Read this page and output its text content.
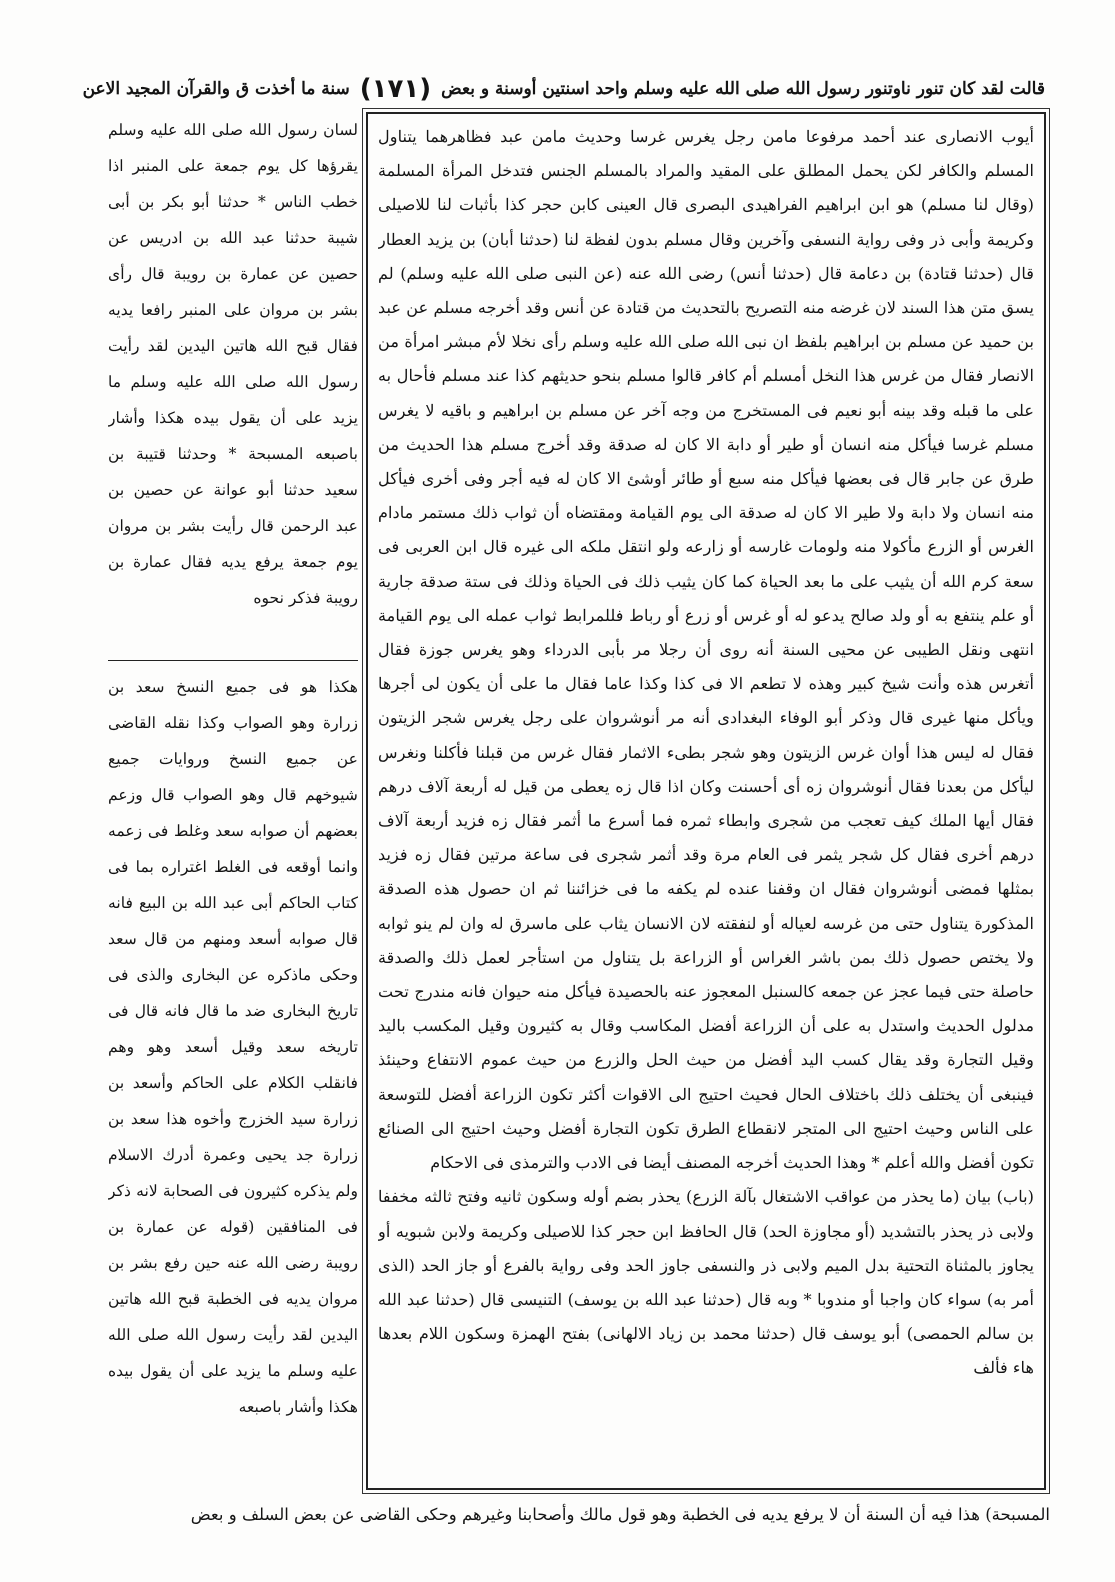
قالت لقد كان تنور ناوتنور رسول الله صلى الله عليه وسلم واحد اسنتين أوسنة و بعض
(١٧١)
سنة ما أخذت ق والقرآن المجيد الاعن

أيوب الانصارى عند أحمد مرفوعا مامن رجل يغرس غرسا وحديث مامن عبد فظاهرهما يتناول المسلم والكافر لكن يحمل المطلق على المقيد والمراد بالمسلم الجنس فتدخل المرأة المسلمة (وقال لنا مسلم) هو ابن ابراهيم الفراهيدى البصرى قال العينى كابن حجر كذا بأثبات لنا للاصيلى وكريمة وأبى ذر وفى رواية النسفى وآخرين وقال مسلم بدون لفظة لنا (حدثنا أبان) بن يزيد العطار قال (حدثنا قتادة) بن دعامة قال (حدثنا أنس) رضى الله عنه (عن النبى صلى الله عليه وسلم) لم يسق متن هذا السند لان غرضه منه التصريح بالتحديث من قتادة عن أنس وقد أخرجه مسلم عن عبد بن حميد عن مسلم بن ابراهيم بلفظ ان نبى الله صلى الله عليه وسلم رأى نخلا لأم مبشر امرأة من الانصار فقال من غرس هذا النخل أمسلم أم كافر قالوا مسلم بنحو حديثهم كذا عند مسلم فأحال به على ما قبله وقد بينه أبو نعيم فى المستخرج من وجه آخر عن مسلم بن ابراهيم و باقيه لا يغرس مسلم غرسا فيأكل منه انسان أو طير أو دابة الا كان له صدقة وقد أخرج مسلم هذا الحديث من طرق عن جابر قال فى بعضها فيأكل منه سبع أو طائر أوشئ الا كان له فيه أجر وفى أخرى فيأكل منه انسان ولا دابة ولا طير الا كان له صدقة الى يوم القيامة ومقتضاه أن ثواب ذلك مستمر مادام الغرس أو الزرع مأكولا منه ولومات غارسه أو زارعه ولو انتقل ملكه الى غيره قال ابن العربى فى سعة كرم الله أن يثيب على ما بعد الحياة كما كان يثيب ذلك فى الحياة وذلك فى ستة صدقة جارية أو علم ينتفع به أو ولد صالح يدعو له أو غرس أو زرع أو رباط فللمرابط ثواب عمله الى يوم القيامة انتهى ونقل الطيبى عن محيى السنة أنه روى أن رجلا مر بأبى الدرداء وهو يغرس جوزة فقال أتغرس هذه وأنت شيخ كبير وهذه لا تطعم الا فى كذا وكذا عاما فقال ما على أن يكون لى أجرها ويأكل منها غيرى قال وذكر أبو الوفاء البغدادى أنه مر أنوشروان على رجل يغرس شجر الزيتون فقال له ليس هذا أوان غرس الزيتون وهو شجر بطىء الاثمار فقال غرس من قبلنا فأكلنا ونغرس ليأكل من بعدنا فقال أنوشروان زه أى أحسنت وكان اذا قال زه يعطى من قيل له أربعة آلاف درهم فقال أيها الملك كيف تعجب من شجرى وابطاء ثمره فما أسرع ما أثمر فقال زه فزيد أربعة آلاف درهم أخرى فقال كل شجر يثمر فى العام مرة وقد أثمر شجرى فى ساعة مرتين فقال زه فزيد بمثلها فمضى أنوشروان فقال ان وقفنا عنده لم يكفه ما فى خزائننا ثم ان حصول هذه الصدقة المذكورة يتناول حتى من غرسه لعياله أو لنفقته لان الانسان يثاب على ماسرق له وان لم ينو ثوابه ولا يختص حصول ذلك بمن باشر الغراس أو الزراعة بل يتناول من استأجر لعمل ذلك والصدقة حاصلة حتى فيما عجز عن جمعه كالسنبل المعجوز عنه بالحصيدة فيأكل منه حيوان فانه مندرج تحت مدلول الحديث واستدل به على أن الزراعة أفضل المكاسب وقال به كثيرون وقيل المكسب باليد وقيل التجارة وقد يقال كسب اليد أفضل من حيث الحل والزرع من حيث عموم الانتفاع وحينئذ فينبغى أن يختلف ذلك باختلاف الحال فحيث احتيج الى الاقوات أكثر تكون الزراعة أفضل للتوسعة على الناس وحيث احتيج الى المتجر لانقطاع الطرق تكون التجارة أفضل وحيث احتيج الى الصنائع تكون أفضل والله أعلم * وهذا الحديث أخرجه المصنف أيضا فى الادب والترمذى فى الاحكام

(باب) بيان (ما يحذر من عواقب الاشتغال بآلة الزرع) يحذر بضم أوله وسكون ثانيه وفتح ثالثه مخففا ولابى ذر يحذر بالتشديد (أو مجاوزة الحد) قال الحافظ ابن حجر كذا للاصيلى وكريمة ولابن شبويه أو يجاوز بالمثناة التحتية بدل الميم ولابى ذر والنسفى جاوز الحد وفى رواية بالفرع أو جاز الحد (الذى أمر به) سواء كان واجبا أو مندوبا * وبه قال (حدثنا عبد الله بن يوسف) التنيسى قال (حدثنا عبد الله بن سالم الحمصى) أبو يوسف قال (حدثنا محمد بن زياد الالهانى) بفتح الهمزة وسكون اللام بعدها هاء فألف

لسان رسول الله صلى الله عليه وسلم يقرؤها كل يوم جمعة على المنبر اذا خطب الناس * حدثنا أبو بكر بن أبى شيبة حدثنا عبد الله بن ادريس عن حصين عن عمارة بن رويبة قال رأى بشر بن مروان على المنبر رافعا يديه فقال قبح الله هاتين اليدين لقد رأيت رسول الله صلى الله عليه وسلم ما يزيد على أن يقول بيده هكذا وأشار باصبعه المسبحة * وحدثنا قتيبة بن سعيد حدثنا أبو عوانة عن حصين بن عبد الرحمن قال رأيت بشر بن مروان يوم جمعة يرفع يديه فقال عمارة بن رويبة فذكر نحوه
هكذا هو فى جميع النسخ سعد بن زرارة وهو الصواب وكذا نقله القاضى عن جميع النسخ وروايات جميع شيوخهم قال وهو الصواب قال وزعم بعضهم أن صوابه سعد وغلط فى زعمه وانما أوقعه فى الغلط اغتراره بما فى كتاب الحاكم أبى عبد الله بن البيع فانه قال صوابه أسعد ومنهم من قال سعد وحكى ماذكره عن البخارى والذى فى تاريخ البخارى ضد ما قال فانه قال فى تاريخه سعد وقيل أسعد وهو وهم فانقلب الكلام على الحاكم وأسعد بن زرارة سيد الخزرج وأخوه هذا سعد بن زرارة جد يحيى وعمرة أدرك الاسلام ولم يذكره كثيرون فى الصحابة لانه ذكر فى المنافقين (قوله عن عمارة بن رويبة رضى الله عنه حين رفع بشر بن مروان يديه فى الخطبة قبح الله هاتين اليدين لقد رأيت رسول الله صلى الله عليه وسلم ما يزيد على أن يقول بيده هكذا وأشار باصبعه
المسبحة) هذا فيه أن السنة أن لا يرفع يديه فى الخطبة وهو قول مالك وأصحابنا وغيرهم وحكى القاضى عن بعض السلف و بعض
